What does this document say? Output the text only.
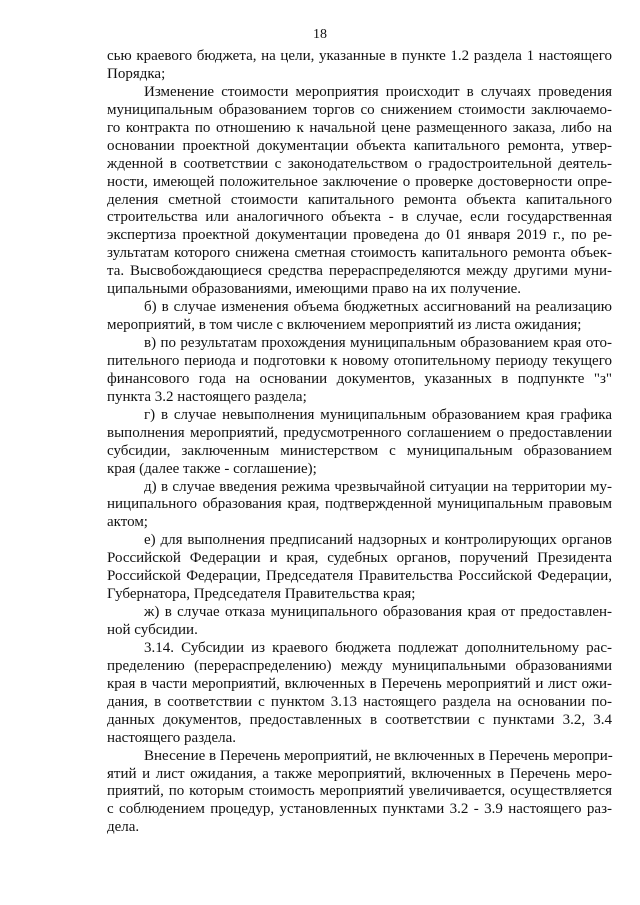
18
сью краевого бюджета, на цели, указанные в пункте 1.2 раздела 1 настоящего
Порядка;
Изменение стоимости мероприятия происходит в случаях проведения
муниципальным образованием торгов со снижением стоимости заключаемо-
го контракта по отношению к начальной цене размещенного заказа, либо на
основании проектной документации объекта капитального ремонта, утвер-
жденной в соответствии с законодательством о градостроительной деятель-
ности, имеющей положительное заключение о проверке достоверности опре-
деления сметной стоимости капитального ремонта объекта капитального
строительства или аналогичного объекта - в случае, если государственная
экспертиза проектной документации проведена до 01 января 2019 г., по ре-
зультатам которого снижена сметная стоимость капитального ремонта объек-
та. Высвобождающиеся средства перераспределяются между другими муни-
ципальными образованиями, имеющими право на их получение.
б) в случае изменения объема бюджетных ассигнований на реализацию
мероприятий, в том числе с включением мероприятий из листа ожидания;
в) по результатам прохождения муниципальным образованием края ото-
пительного периода и подготовки к новому отопительному периоду текущего
финансового года на основании документов, указанных в подпункте "з"
пункта 3.2 настоящего раздела;
г) в случае невыполнения муниципальным образованием края графика
выполнения мероприятий, предусмотренного соглашением о предоставлении
субсидии, заключенным министерством с муниципальным образованием
края (далее также - соглашение);
д) в случае введения режима чрезвычайной ситуации на территории му-
ниципального образования края, подтвержденной муниципальным правовым
актом;
е) для выполнения предписаний надзорных и контролирующих органов
Российской Федерации и края, судебных органов, поручений Президента
Российской Федерации, Председателя Правительства Российской Федерации,
Губернатора, Председателя Правительства края;
ж) в случае отказа муниципального образования края от предоставлен-
ной субсидии.
3.14. Субсидии из краевого бюджета подлежат дополнительному рас-
пределению (перераспределению) между муниципальными образованиями
края в части мероприятий, включенных в Перечень мероприятий и лист ожи-
дания, в соответствии с пунктом 3.13 настоящего раздела на основании по-
данных документов, предоставленных в соответствии с пунктами 3.2, 3.4
настоящего раздела.
Внесение в Перечень мероприятий, не включенных в Перечень меропри-
ятий и лист ожидания, а также мероприятий, включенных в Перечень меро-
приятий, по которым стоимость мероприятий увеличивается, осуществляется
с соблюдением процедур, установленных пунктами 3.2 - 3.9 настоящего раз-
дела.
